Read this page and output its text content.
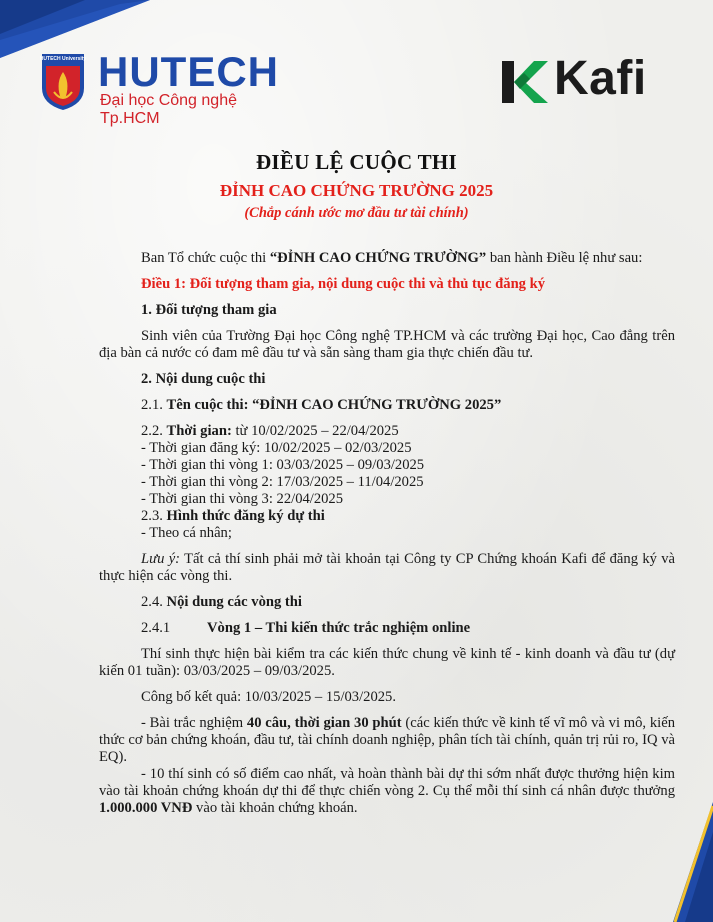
HUTECH University HUTECH
Đại học Công nghệ Tp.HCM
Kafi
ĐIỀU LỆ CUỘC THI
ĐỈNH CAO CHỨNG TRƯỜNG 2025
(Chắp cánh ước mơ đầu tư tài chính)
Ban Tổ chức cuộc thi “ĐỈNH CAO CHỨNG TRƯỜNG” ban hành Điều lệ như sau:
Điều 1: Đối tượng tham gia, nội dung cuộc thi và thủ tục đăng ký
1. Đối tượng tham gia
Sinh viên của Trường Đại học Công nghệ TP.HCM và các trường Đại học, Cao đẳng trên địa bàn cả nước có đam mê đầu tư và sẵn sàng tham gia thực chiến đầu tư.
2. Nội dung cuộc thi
2.1. Tên cuộc thi: “ĐỈNH CAO CHỨNG TRƯỜNG 2025”
2.2. Thời gian: từ 10/02/2025 – 22/04/2025
- Thời gian đăng ký: 10/02/2025 – 02/03/2025
- Thời gian thi vòng 1: 03/03/2025 – 09/03/2025
- Thời gian thi vòng 2: 17/03/2025 – 11/04/2025
- Thời gian thi vòng 3: 22/04/2025
2.3. Hình thức đăng ký dự thi
- Theo cá nhân;
Lưu ý: Tất cả thí sinh phải mở tài khoản tại Công ty CP Chứng khoán Kafi để đăng ký và thực hiện các vòng thi.
2.4. Nội dung các vòng thi
2.4.1	Vòng 1 – Thi kiến thức trắc nghiệm online
Thí sinh thực hiện bài kiểm tra các kiến thức chung về kinh tế - kinh doanh và đầu tư (dự kiến 01 tuần): 03/03/2025 – 09/03/2025.
Công bố kết quả: 10/03/2025 – 15/03/2025.
- Bài trắc nghiệm 40 câu, thời gian 30 phút (các kiến thức về kinh tế vĩ mô và vi mô, kiến thức cơ bản chứng khoán, đầu tư, tài chính doanh nghiệp, phân tích tài chính, quản trị rủi ro, IQ và EQ).
- 10 thí sinh có số điểm cao nhất, và hoàn thành bài dự thi sớm nhất được thưởng hiện kim vào tài khoản chứng khoán dự thi để thực chiến vòng 2. Cụ thể mỗi thí sinh cá nhân được thưởng 1.000.000 VNĐ vào tài khoản chứng khoán.
